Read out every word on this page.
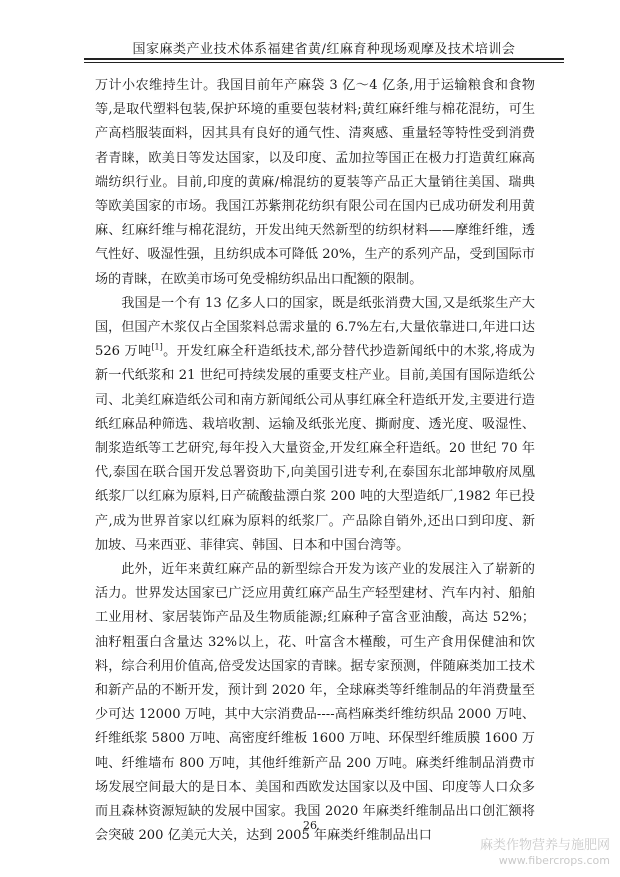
国家麻类产业技术体系福建省黄/红麻育种现场观摩及技术培训会

万计小农维持生计。我国目前年产麻袋 3 亿～4 亿条,用于运输粮食和食物等,是取代塑料包装,保护环境的重要包装材料;黄红麻纤维与棉花混纺，可生产高档服装面料，因其具有良好的通气性、清爽感、重量轻等特性受到消费者青睐，欧美日等发达国家，以及印度、孟加拉等国正在极力打造黄红麻高端纺织行业。目前,印度的黄麻/棉混纺的夏装等产品正大量销往美国、瑞典等欧美国家的市场。我国江苏紫荆花纺织有限公司在国内已成功研发利用黄麻、红麻纤维与棉花混纺，开发出纯天然新型的纺织材料——摩维纤维，透气性好、吸湿性强，且纺织成本可降低 20%，生产的系列产品，受到国际市场的青睐，在欧美市场可免受棉纺织品出口配额的限制。

我国是一个有 13 亿多人口的国家，既是纸张消费大国,又是纸浆生产大国，但国产木浆仅占全国浆料总需求量的 6.7%左右,大量依靠进口,年进口达 526 万吨[1]。开发红麻全秆造纸技术,部分替代抄造新闻纸中的木浆,将成为新一代纸浆和 21 世纪可持续发展的重要支柱产业。目前,美国有国际造纸公司、北美红麻造纸公司和南方新闻纸公司从事红麻全秆造纸开发,主要进行造纸红麻品种筛选、栽培收割、运输及纸张光度、撕耐度、透光度、吸湿性、制浆造纸等工艺研究,每年投入大量资金,开发红麻全秆造纸。20 世纪 70 年代,泰国在联合国开发总署资助下,向美国引进专利,在泰国东北部坤敬府凤凰纸浆厂以红麻为原料,日产硫酸盐漂白浆 200 吨的大型造纸厂,1982 年已投产,成为世界首家以红麻为原料的纸浆厂。产品除自销外,还出口到印度、新加坡、马来西亚、菲律宾、韩国、日本和中国台湾等。

此外，近年来黄红麻产品的新型综合开发为该产业的发展注入了崭新的活力。世界发达国家已广泛应用黄红麻产品生产轻型建材、汽车内衬、船舶工业用材、家居装饰产品及生物质能源;红麻种子富含亚油酸，高达 52%；油籽粗蛋白含量达 32%以上，花、叶富含木槿酸，可生产食用保健油和饮料，综合利用价值高,倍受发达国家的青睐。据专家预测，伴随麻类加工技术和新产品的不断开发，预计到 2020 年，全球麻类等纤维制品的年消费量至少可达 12000 万吨，其中大宗消费品----高档麻类纤维纺织品 2000 万吨、纤维纸浆 5800 万吨、高密度纤维板 1600 万吨、环保型纤维质膜 1600 万吨、纤维墙布 800 万吨，其他纤维新产品 200 万吨。麻类纤维制品消费市场发展空间最大的是日本、美国和西欧发达国家以及中国、印度等人口众多而且森林资源短缺的发展中国家。我国 2020 年麻类纤维制品出口创汇额将会突破 200 亿美元大关，达到 2005 年麻类纤维制品出口

26
麻类作物营养与施肥网
www.fibercrops.com
